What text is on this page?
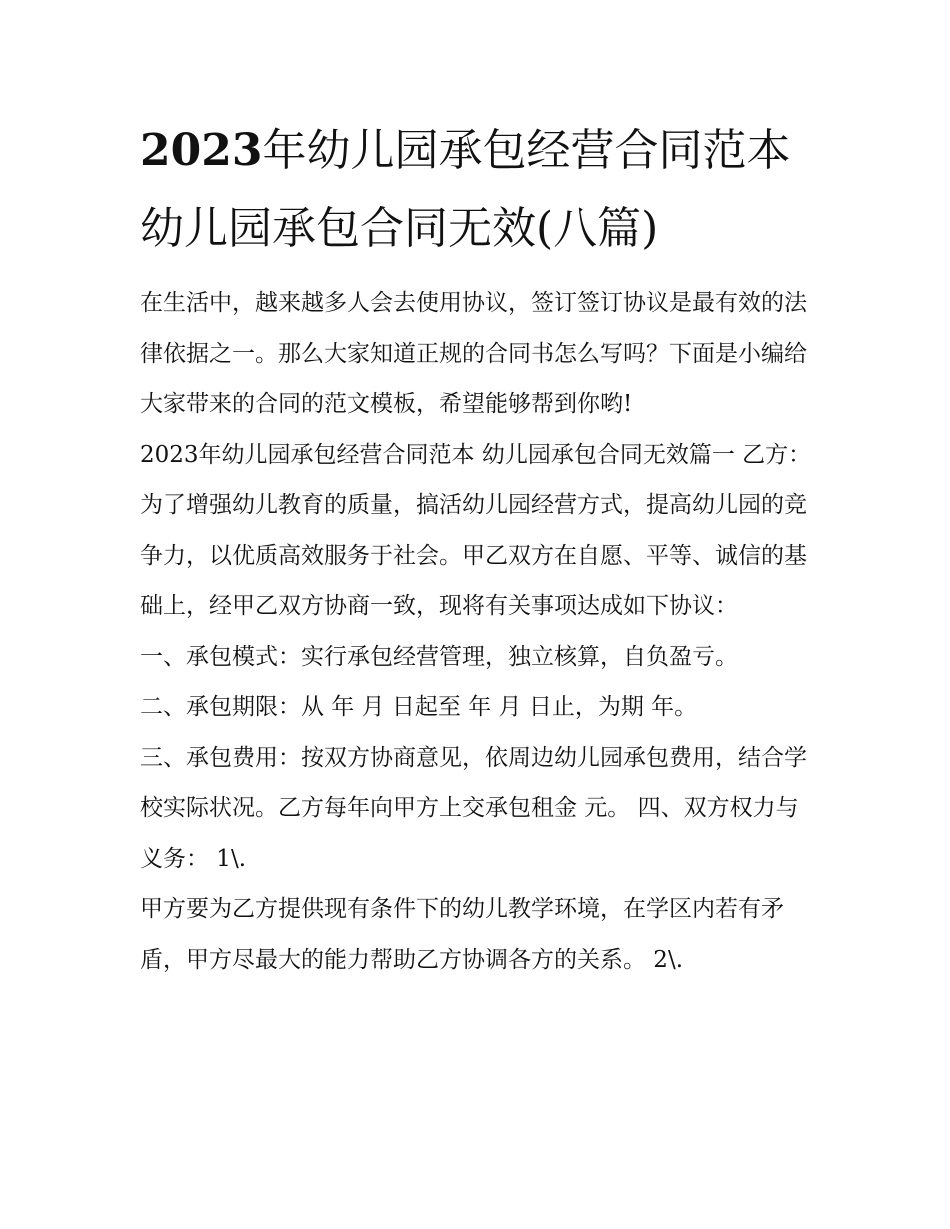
2023年幼儿园承包经营合同范本 幼儿园承包合同无效(八篇)

在生活中，越来越多人会去使用协议，签订签订协议是最有效的法律依据之一。那么大家知道正规的合同书怎么写吗？下面是小编给大家带来的合同的范文模板，希望能够帮到你哟!

2023年幼儿园承包经营合同范本 幼儿园承包合同无效篇一 乙方：

为了增强幼儿教育的质量，搞活幼儿园经营方式，提高幼儿园的竞争力，以优质高效服务于社会。甲乙双方在自愿、平等、诚信的基础上，经甲乙双方协商一致，现将有关事项达成如下协议：

一、承包模式：实行承包经营管理，独立核算，自负盈亏。

二、承包期限：从 年 月 日起至 年 月 日止，为期 年。

三、承包费用：按双方协商意见，依周边幼儿园承包费用，结合学校实际状况。乙方每年向甲方上交承包租金 元。 四、双方权力与义务： 1\.

甲方要为乙方提供现有条件下的幼儿教学环境，在学区内若有矛盾，甲方尽最大的能力帮助乙方协调各方的关系。 2\.
